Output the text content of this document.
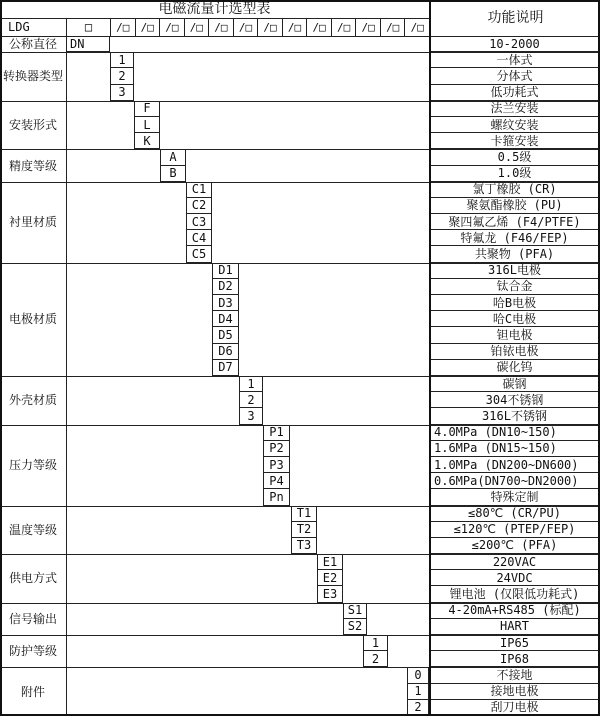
电磁流量计选型表
功能说明
LDG	□	/□	/□	/□	/□	/□	/□	/□	/□	/□	/□	/□	/□	/□
公称直径	DN	10-2000
转换器类型
1	一体式
2	分体式
3	低功耗式
安装形式
F	法兰安装
L	螺纹安装
K	卡箍安装
精度等级
A	0.5级
B	1.0级
衬里材质
C1	氯丁橡胶 (CR)
C2	聚氨酯橡胶 (PU)
C3	聚四氟乙烯 (F4/PTFE)
C4	特氟龙 (F46/FEP)
C5	共聚物 (PFA)
电极材质
D1	316L电极
D2	钛合金
D3	哈B电极
D4	哈C电极
D5	钽电极
D6	铂铱电极
D7	碳化钨
外壳材质
1	碳钢
2	304不锈钢
3	316L不锈钢
压力等级
P1	4.0MPa (DN10~150)
P2	1.6MPa (DN15~150)
P3	1.0MPa (DN200~DN600)
P4	0.6MPa(DN700~DN2000)
Pn	特殊定制
温度等级
T1	≤80℃ (CR/PU)
T2	≤120℃ (PTEP/FEP)
T3	≤200℃ (PFA)
供电方式
E1	220VAC
E2	24VDC
E3	锂电池 (仅限低功耗式)
信号输出
S1	4-20mA+RS485 (标配)
S2	HART
防护等级
1	IP65
2	IP68
附件
0	不接地
1	接地电极
2	刮刀电极
